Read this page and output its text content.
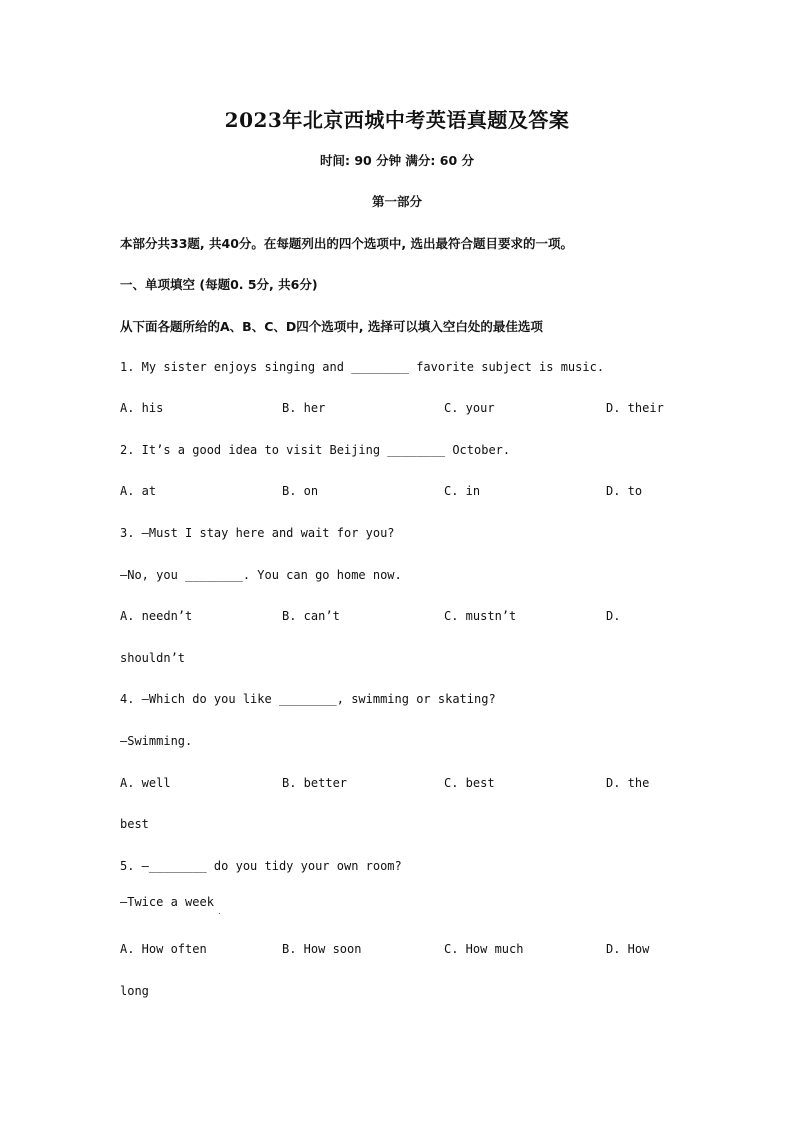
2023年北京西城中考英语真题及答案
时间: 90 分钟 满分: 60 分
第一部分
本部分共33题, 共40分。在每题列出的四个选项中, 选出最符合题目要求的一项。
一、单项填空 (每题0. 5分, 共6分)
从下面各题所给的A、B、C、D四个选项中, 选择可以填入空白处的最佳选项
1. My sister enjoys singing and ________ favorite subject is music.
A. his	B. her	C. your	D. their
2. It’s a good idea to visit Beijing ________ October.
A. at	B. on	C. in	D. to
3. —Must I stay here and wait for you?
—No, you ________. You can go home now.
A. needn’t	B. can’t	C. mustn’t	D.
shouldn’t
4. —Which do you like ________, swimming or skating?
—Swimming.
A. well	B. better	C. best	D. the
best
5. —________ do you tidy your own room?
—Twice a week
A. How often	B. How soon	C. How much	D. How
long
